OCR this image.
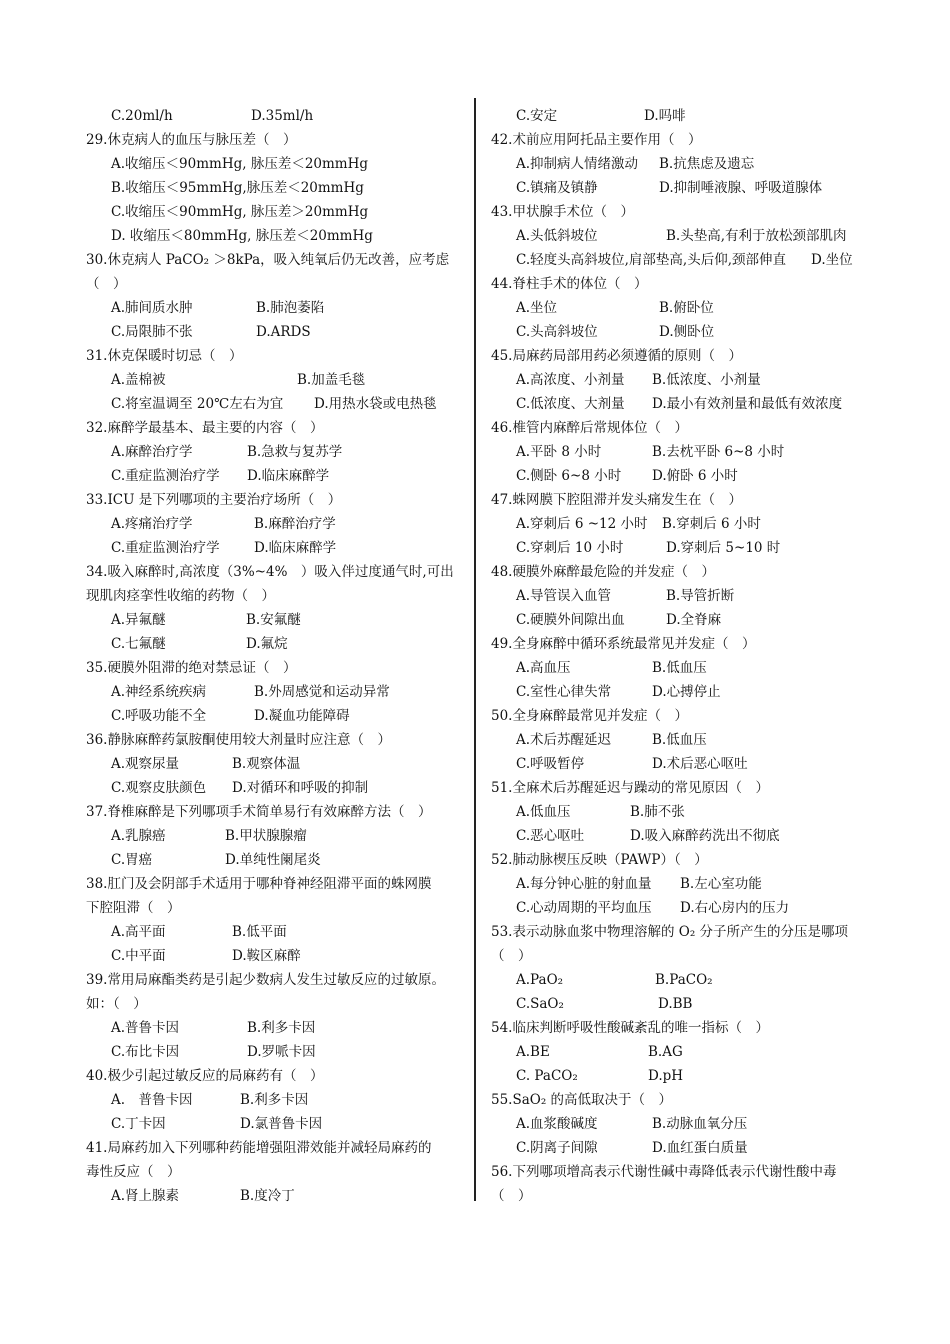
C.20ml/h	D.35ml/h
29.休克病人的血压与脉压差（　）
A.收缩压＜90mmHg, 脉压差＜20mmHg
B.收缩压＜95mmHg,脉压差＜20mmHg
C.收缩压＜90mmHg, 脉压差＞20mmHg
D. 收缩压＜80mmHg, 脉压差＜20mmHg
30.休克病人 PaCO₂ ＞8kPa，吸入纯氧后仍无改善，应考虑
（　）
A.肺间质水肿	B.肺泡萎陷
C.局限肺不张	D.ARDS
31.休克保暖时切忌（　）
A.盖棉被	B.加盖毛毯
C.将室温调至 20℃左右为宜 D.用热水袋或电热毯
32.麻醉学最基本、最主要的内容（　）
A.麻醉治疗学	B.急救与复苏学
C.重症监测治疗学 D.临床麻醉学
33.ICU 是下列哪项的主要治疗场所（　）
A.疼痛治疗学	B.麻醉治疗学
C.重症监测治疗学	D.临床麻醉学
34.吸入麻醉时,高浓度（3%~4%　）吸入伴过度通气时,可出
现肌肉痉挛性收缩的药物（　）
A.异氟醚	B.安氟醚
C.七氟醚	D.氟烷
35.硬膜外阻滞的绝对禁忌证（　）
A.神经系统疾病	B.外周感觉和运动异常
C.呼吸功能不全	D.凝血功能障碍
36.静脉麻醉药氯胺酮使用较大剂量时应注意（　）
A.观察尿量	B.观察体温
C.观察皮肤颜色 D.对循环和呼吸的抑制
37.脊椎麻醉是下列哪项手术简单易行有效麻醉方法（　）
A.乳腺癌	B.甲状腺腺瘤
C.胃癌	D.单纯性阑尾炎
38.肛门及会阴部手术适用于哪种脊神经阻滞平面的蛛网膜
下腔阻滞（　）
A.高平面	B.低平面
C.中平面	D.鞍区麻醉
39.常用局麻酯类药是引起少数病人发生过敏反应的过敏原。
如：（　）
A.普鲁卡因	B.利多卡因
C.布比卡因	D.罗哌卡因
40.极少引起过敏反应的局麻药有（　）
A.　普鲁卡因	B.利多卡因
C.丁卡因	D.氯普鲁卡因
41.局麻药加入下列哪种药能增强阻滞效能并减轻局麻药的
毒性反应（　）
A.肾上腺素	B.度冷丁
C.安定	D.吗啡
42.术前应用阿托品主要作用（　）
A.抑制病人情绪激动 B.抗焦虑及遗忘
C.镇痛及镇静	D.抑制唾液腺、呼吸道腺体
43.甲状腺手术位（　）
A.头低斜坡位	B.头垫高,有利于放松颈部肌肉
C.轻度头高斜坡位,肩部垫高,头后仰,颈部伸直 D.坐位
44.脊柱手术的体位（　）
A.坐位	B.俯卧位
C.头高斜坡位	D.侧卧位
45.局麻药局部用药必须遵循的原则（　）
A.高浓度、小剂量 B.低浓度、小剂量
C.低浓度、大剂量 D.最小有效剂量和最低有效浓度
46.椎管内麻醉后常规体位（　）
A.平卧 8 小时	B.去枕平卧 6~8 小时
C.侧卧 6~8 小时 D.俯卧 6 小时
47.蛛网膜下腔阻滞并发头痛发生在（　）
A.穿刺后 6 ~12 小时 B.穿刺后 6 小时
C.穿刺后 10 小时	D.穿刺后 5~10 时
48.硬膜外麻醉最危险的并发症（　）
A.导管误入血管	B.导管折断
C.硬膜外间隙出血	D.全脊麻
49.全身麻醉中循环系统最常见并发症（　）
A.高血压	B.低血压
C.室性心律失常	D.心搏停止
50.全身麻醉最常见并发症（　）
A.术后苏醒延迟	B.低血压
C.呼吸暂停	D.术后恶心呕吐
51.全麻术后苏醒延迟与躁动的常见原因（　）
A.低血压	B.肺不张
C.恶心呕吐	D.吸入麻醉药洗出不彻底
52.肺动脉楔压反映（PAWP）（　）
A.每分钟心脏的射血量 B.左心室功能
C.心动周期的平均血压 D.右心房内的压力
53.表示动脉血浆中物理溶解的 O₂ 分子所产生的分压是哪项
（　）
A.PaO₂	B.PaCO₂
C.SaO₂	D.BB
54.临床判断呼吸性酸碱紊乱的唯一指标（　）
A.BE	B.AG
C. PaCO₂	D.pH
55.SaO₂ 的高低取决于（　）
A.血浆酸碱度	B.动脉血氧分压
C.阴离子间隙	D.血红蛋白质量
56.下列哪项增高表示代谢性碱中毒降低表示代谢性酸中毒
（　）
